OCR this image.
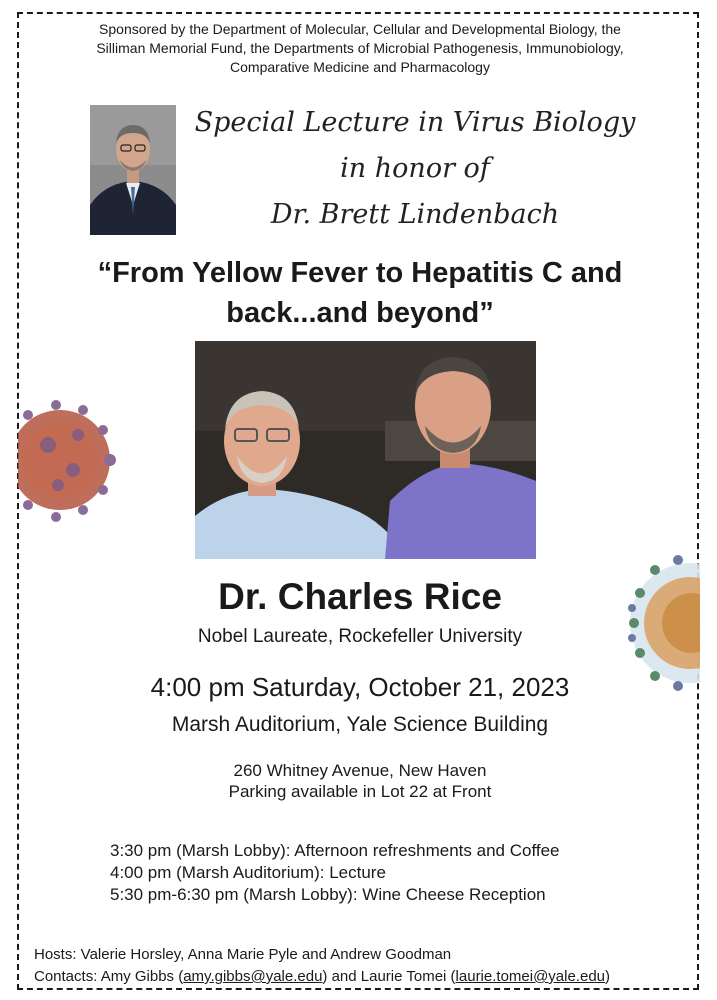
Sponsored by the Department of Molecular, Cellular and Developmental Biology, the
Silliman Memorial Fund, the Departments of Microbial Pathogenesis, Immunobiology,
Comparative Medicine and Pharmacology
Special Lecture in Virus Biology
in honor of
Dr. Brett Lindenbach
“From Yellow Fever to Hepatitis C and
back...and beyond”
Dr. Charles Rice
Nobel Laureate, Rockefeller University
4:00 pm Saturday, October 21, 2023
Marsh Auditorium, Yale Science Building
260 Whitney Avenue, New Haven
Parking available in Lot 22 at Front
3:30 pm (Marsh Lobby): Afternoon refreshments and Coffee
4:00 pm (Marsh Auditorium): Lecture
5:30 pm-6:30 pm (Marsh Lobby): Wine Cheese Reception
Hosts: Valerie Horsley, Anna Marie Pyle and Andrew Goodman
Contacts: Amy Gibbs (amy.gibbs@yale.edu) and Laurie Tomei (laurie.tomei@yale.edu)
